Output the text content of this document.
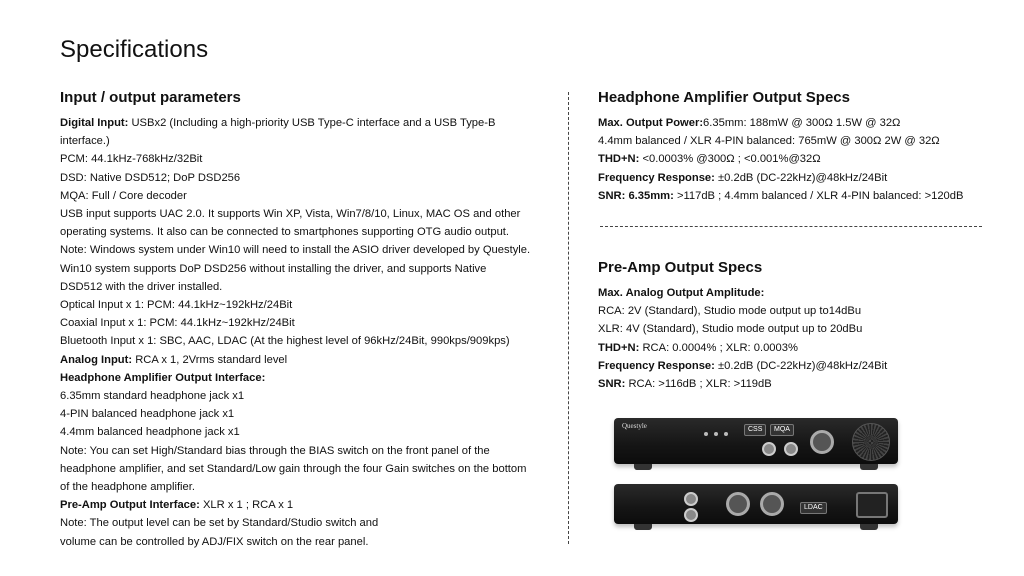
Specifications
Input / output parameters
Digital Input: USBx2 (Including a high-priority USB Type-C interface and a USB Type-B
interface.)
PCM: 44.1kHz-768kHz/32Bit
DSD: Native DSD512; DoP DSD256
MQA: Full / Core decoder
USB input supports UAC 2.0. It supports Win XP, Vista, Win7/8/10, Linux, MAC OS and other
operating systems. It also can be connected to smartphones supporting OTG audio output.
Note: Windows system under Win10 will need to install the ASIO driver developed by Questyle.
Win10 system supports DoP DSD256 without installing the driver, and supports Native
DSD512 with the driver installed.
Optical Input x 1: PCM: 44.1kHz~192kHz/24Bit
Coaxial Input x 1: PCM: 44.1kHz~192kHz/24Bit
Bluetooth Input x 1: SBC, AAC, LDAC (At the highest level of 96kHz/24Bit, 990kps/909kps)
Analog Input: RCA x 1, 2Vrms standard level
Headphone Amplifier Output Interface:
6.35mm standard headphone jack x1
4-PIN balanced headphone jack x1
4.4mm balanced headphone jack x1
Note: You can set High/Standard bias through the BIAS switch on the front panel of the
headphone amplifier, and set Standard/Low gain through the four Gain switches on the bottom
of the headphone amplifier.
Pre-Amp Output Interface: XLR x 1 ; RCA x 1
Note: The output level can be set by Standard/Studio switch and
volume can be controlled by ADJ/FIX switch on the rear panel.
Headphone Amplifier Output Specs
Max. Output Power:6.35mm: 188mW @ 300Ω 1.5W @ 32Ω
4.4mm balanced / XLR 4-PIN balanced: 765mW @ 300Ω 2W @ 32Ω
THD+N: <0.0003% @300Ω ; <0.001%@32Ω
Frequency Response: ±0.2dB (DC-22kHz)@48kHz/24Bit
SNR: 6.35mm: >117dB ; 4.4mm balanced / XLR 4-PIN balanced: >120dB
Pre-Amp Output Specs
Max. Analog Output Amplitude:
RCA: 2V (Standard), Studio mode output up to14dBu
XLR: 4V (Standard), Studio mode output up to 20dBu
THD+N: RCA: 0.0004% ; XLR: 0.0003%
Frequency Response: ±0.2dB (DC-22kHz)@48kHz/24Bit
SNR: RCA: >116dB ; XLR: >119dB
Questyle	CSS	MQA
LDAC
